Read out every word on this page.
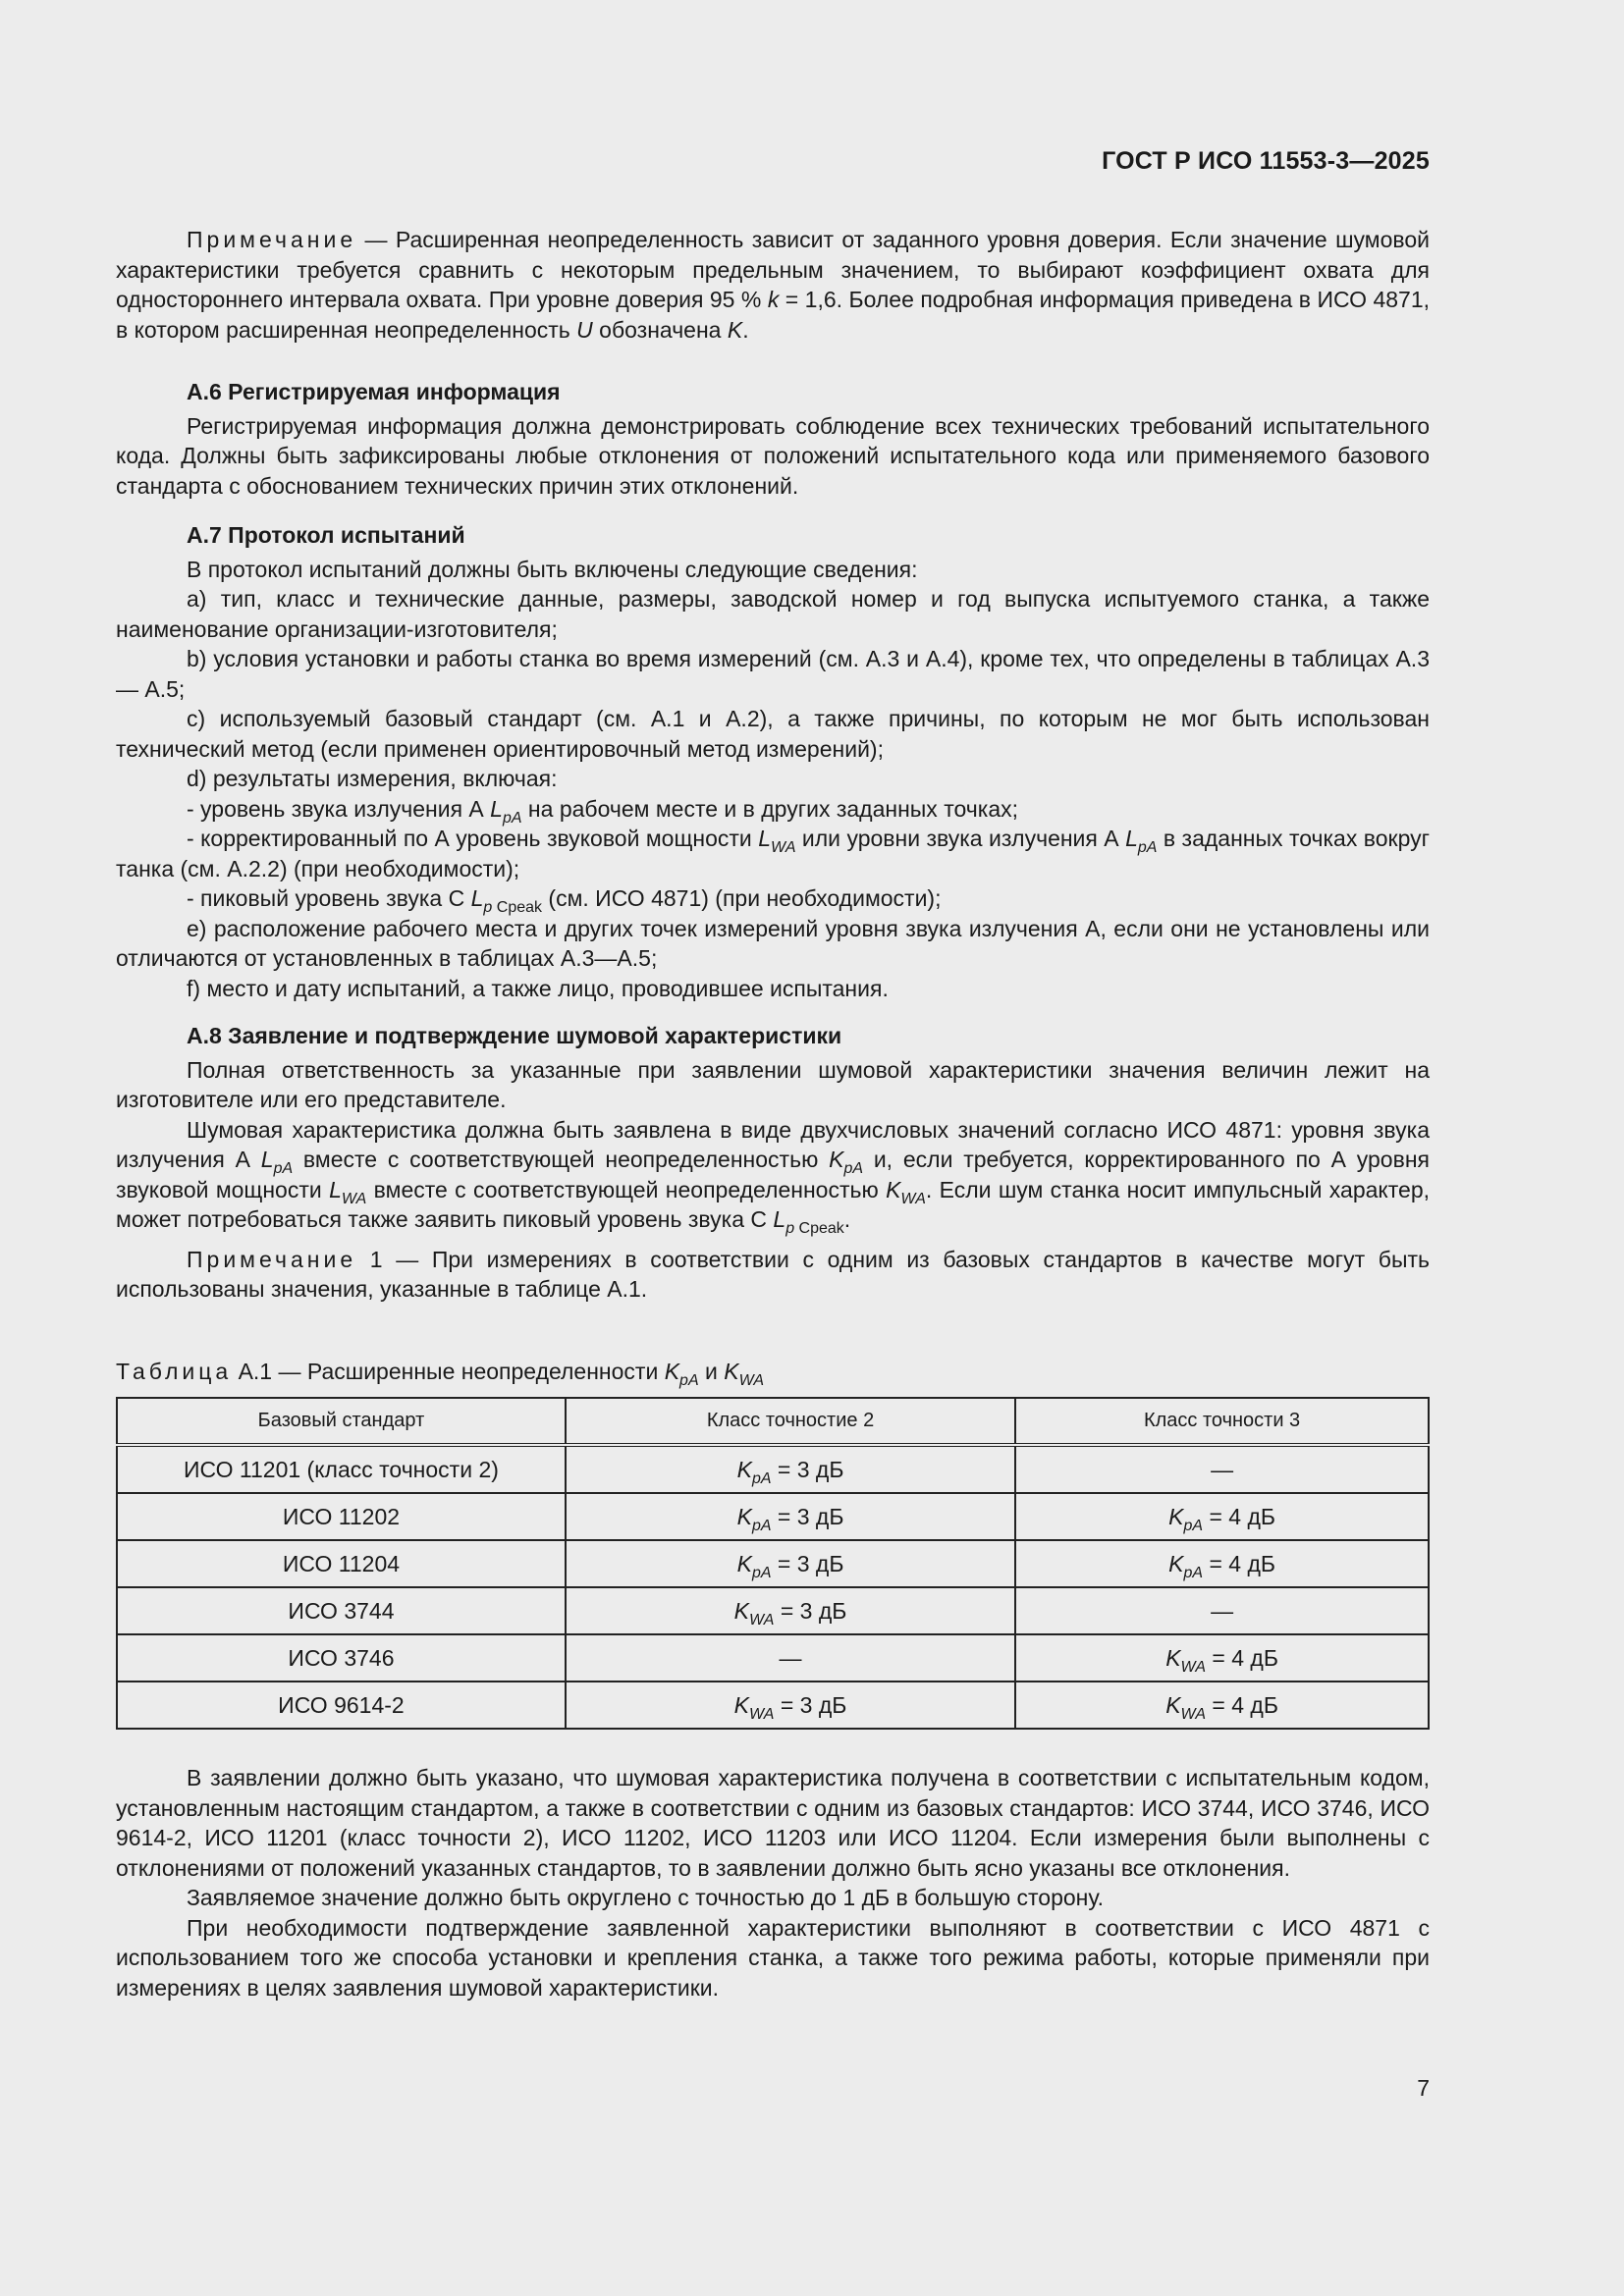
ГОСТ Р ИСО 11553-3—2025

Примечание — Расширенная неопределенность зависит от заданного уровня доверия. Если значение шумовой характеристики требуется сравнить с некоторым предельным значением, то выбирают коэффициент охвата для одностороннего интервала охвата. При уровне доверия 95 % k = 1,6. Более подробная информация приведена в ИСО 4871, в котором расширенная неопределенность U обозначена K.

А.6 Регистрируемая информация

Регистрируемая информация должна демонстрировать соблюдение всех технических требований испытательного кода. Должны быть зафиксированы любые отклонения от положений испытательного кода или применяемого базового стандарта с обоснованием технических причин этих отклонений.

А.7 Протокол испытаний

В протокол испытаний должны быть включены следующие сведения:

a) тип, класс и технические данные, размеры, заводской номер и год выпуска испытуемого станка, а также наименование организации-изготовителя;

b) условия установки и работы станка во время измерений (см. А.3 и А.4), кроме тех, что определены в таблицах А.3 — А.5;

c) используемый базовый стандарт (см. А.1 и А.2), а также причины, по которым не мог быть использован технический метод (если применен ориентировочный метод измерений);

d) результаты измерения, включая:

- уровень звука излучения А $L_{pA}$ на рабочем месте и в других заданных точках;

- корректированный по А уровень звуковой мощности $L_{WA}$ или уровни звука излучения А $L_{pA}$ в заданных точках вокруг танка (см. А.2.2) (при необходимости);

- пиковый уровень звука С $L_{p Cpeak}$ (см. ИСО 4871) (при необходимости);

e) расположение рабочего места и других точек измерений уровня звука излучения А, если они не установлены или отличаются от установленных в таблицах А.3—А.5;

f) место и дату испытаний, а также лицо, проводившее испытания.

А.8 Заявление и подтверждение шумовой характеристики

Полная ответственность за указанные при заявлении шумовой характеристики значения величин лежит на изготовителе или его представителе.

Шумовая характеристика должна быть заявлена в виде двухчисловых значений согласно ИСО 4871: уровня звука излучения А $L_{pA}$ вместе с соответствующей неопределенностью $K_{pA}$ и, если требуется, корректированного по А уровня звуковой мощности $L_{WA}$ вместе с соответствующей неопределенностью $K_{WA}$. Если шум станка носит импульсный характер, может потребоваться также заявить пиковый уровень звука С $L_{p Cpeak}$.

Примечание 1 — При измерениях в соответствии с одним из базовых стандартов в качестве могут быть использованы значения, указанные в таблице А.1.

Таблица А.1 — Расширенные неопределенности $K_{pA}$ и $K_{WA}$

Базовый стандарт	Класс точностие 2	Класс точности 3
ИСО 11201 (класс точности 2)	$K_{pA} = 3$ дБ	—
ИСО 11202	$K_{pA} = 3$ дБ	$K_{pA} = 4$ дБ
ИСО 11204	$K_{pA} = 3$ дБ	$K_{pA} = 4$ дБ
ИСО 3744	$K_{WA} = 3$ дБ	—
ИСО 3746	—	$K_{WA} = 4$ дБ
ИСО 9614-2	$K_{WA} = 3$ дБ	$K_{WA} = 4$ дБ

В заявлении должно быть указано, что шумовая характеристика получена в соответствии с испытательным кодом, установленным настоящим стандартом, а также в соответствии с одним из базовых стандартов: ИСО 3744, ИСО 3746, ИСО 9614-2, ИСО 11201 (класс точности 2), ИСО 11202, ИСО 11203 или ИСО 11204. Если измерения были выполнены с отклонениями от положений указанных стандартов, то в заявлении должно быть ясно указаны все отклонения.

Заявляемое значение должно быть округлено с точностью до 1 дБ в большую сторону.

При необходимости подтверждение заявленной характеристики выполняют в соответствии с ИСО 4871 с использованием того же способа установки и крепления станка, а также того режима работы, которые применяли при измерениях в целях заявления шумовой характеристики.

7
